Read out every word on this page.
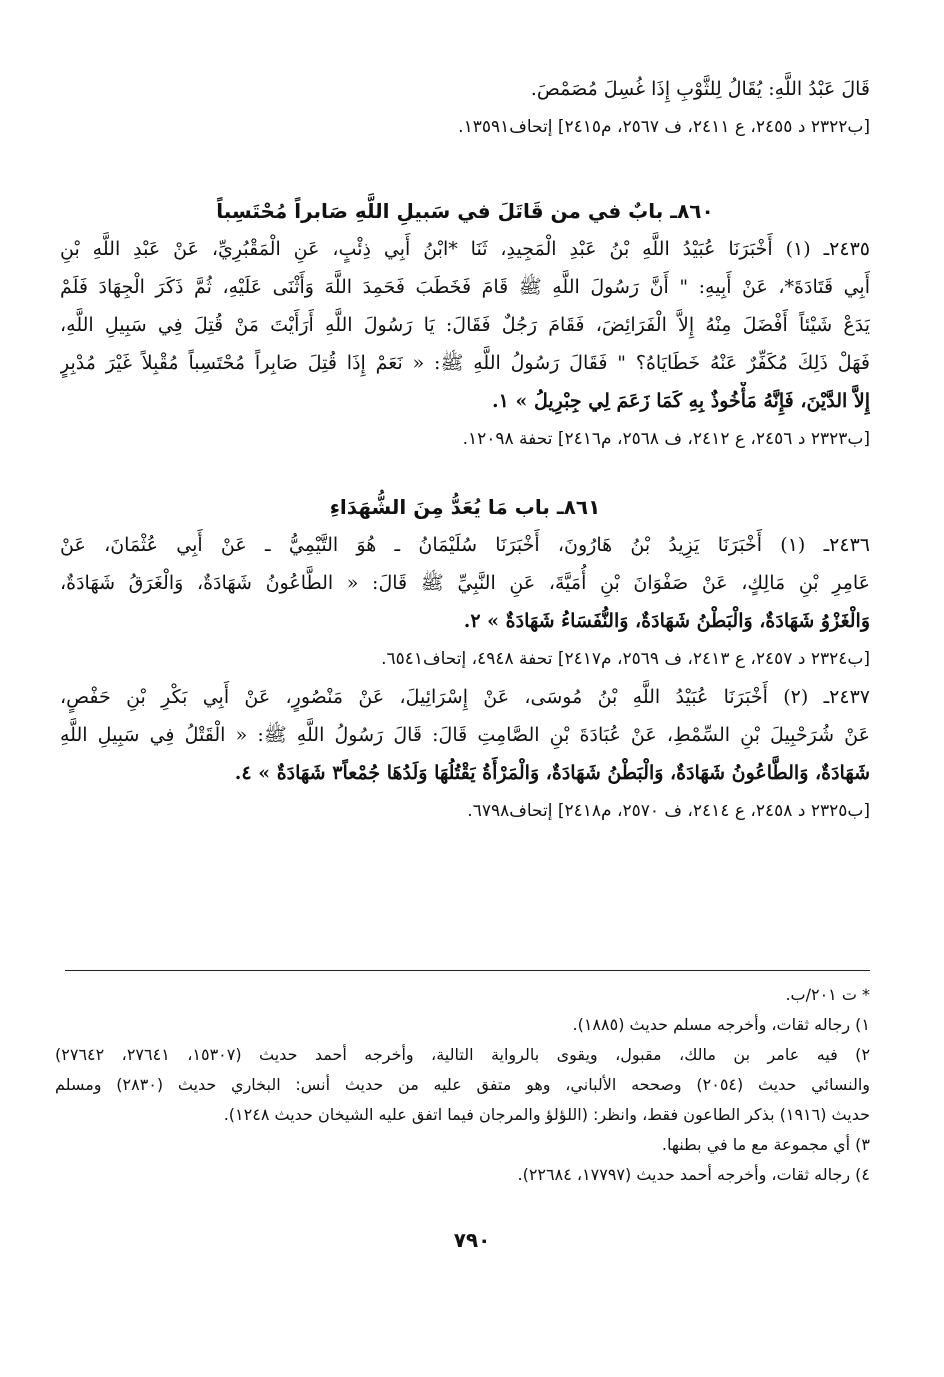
قَالَ عَبْدُ اللَّهِ: يُقَالُ لِلثَّوْبِ إِذَا غُسِلَ مُصَمْصَ.
[ب٢٣٢٢ د ٢٤٥٥، ع ٢٤١١، ف ٢٥٦٧، م٢٤١٥] إتحاف١٣٥٩١.
٨٦٠ـ بابٌ في من قَاتَلَ في سَبيلِ اللَّهِ صَابراً مُحْتَسِباً
٢٤٣٥ـ (١) أَخْبَرَنَا عُبَيْدُ اللَّهِ بْنُ عَبْدِ الْمَجِيدِ، ثَنَا *ابْنُ أَبِي ذِئْبٍ، عَنِ الْمَقْبُرِيِّ، عَنْ عَبْدِ اللَّهِ بْنِ
أَبِي قَتَادَةَ*، عَنْ أَبِيهِ: " أَنَّ رَسُولَ اللَّهِ ﷺ قَامَ فَخَطَبَ فَحَمِدَ اللَّهَ وَأَثْنَى عَلَيْهِ، ثُمَّ ذَكَرَ الْجِهَادَ فَلَمْ
يَدَعْ شَيْئاً أَفْضَلَ مِنْهُ إِلاَّ الْفَرَائِضَ، فَقَامَ رَجُلٌ فَقَالَ: يَا رَسُولَ اللَّهِ أَرَأَيْتَ مَنْ قُتِلَ فِي سَبِيلِ اللَّهِ،
فَهَلْ ذَلِكَ مُكَفِّرٌ عَنْهُ خَطَايَاهُ؟ " فَقَالَ رَسُولُ اللَّهِ ﷺ: « نَعَمْ إِذَا قُتِلَ صَابِراً مُحْتَسِباً مُقْبِلاً غَيْرَ مُدْبِرٍ
إِلاَّ الدَّيْنَ، فَإِنَّهُ مَأْخُوذٌ بِهِ كَمَا زَعَمَ لِي جِبْرِيلُ » ١.
[ب٢٣٢٣ د ٢٤٥٦، ع ٢٤١٢، ف ٢٥٦٨، م٢٤١٦] تحفة ١٢٠٩٨.
٨٦١ـ باب مَا يُعَدُّ مِنَ الشُّهَدَاءِ
٢٤٣٦ـ (١) أَخْبَرَنَا يَزِيدُ بْنُ هَارُونَ، أَخْبَرَنَا سُلَيْمَانُ ـ هُوَ التَّيْمِيُّ ـ عَنْ أَبِي عُثْمَانَ، عَنْ
عَامِرِ بْنِ مَالِكٍ، عَنْ صَفْوَانَ بْنِ أُمَيَّةَ، عَنِ النَّبِيِّ ﷺ قَالَ: « الطَّاعُونُ شَهَادَةٌ، وَالْغَرَقُ شَهَادَةٌ،
وَالْغَزْوُ شَهَادَةٌ، وَالْبَطْنُ شَهَادَةٌ، وَالنُّفَسَاءُ شَهَادَةٌ » ٢.
[ب٢٣٢٤ د ٢٤٥٧، ع ٢٤١٣، ف ٢٥٦٩، م٢٤١٧] تحفة ٤٩٤٨، إتحاف٦٥٤١.
٢٤٣٧ـ (٢) أَخْبَرَنَا عُبَيْدُ اللَّهِ بْنُ مُوسَى، عَنْ إِسْرَائِيلَ، عَنْ مَنْصُورٍ، عَنْ أَبِي بَكْرِ بْنِ حَفْصٍ،
عَنْ شُرَحْبِيلَ بْنِ السِّمْطِ، عَنْ عُبَادَةَ بْنِ الصَّامِتِ قَالَ: قَالَ رَسُولُ اللَّهِ ﷺ: « الْقَتْلُ فِي سَبِيلِ اللَّهِ
شَهَادَةٌ، وَالطَّاعُونُ شَهَادَةٌ، وَالْبَطْنُ شَهَادَةٌ، وَالْمَرْأَةُ يَقْتُلُهَا وَلَدُهَا جُمْعاً٣ شَهَادَةٌ » ٤.
[ب٢٣٢٥ د ٢٤٥٨، ع ٢٤١٤، ف ٢٥٧٠، م٢٤١٨] إتحاف٦٧٩٨.
* ت ٢٠١/ب.
١) رجاله ثقات، وأخرجه مسلم حديث (١٨٨٥).
٢) فيه عامر بن مالك، مقبول، ويقوى بالرواية التالية، وأخرجه أحمد حديث (١٥٣٠٧، ٢٧٦٤١، ٢٧٦٤٢)
والنسائي حديث (٢٠٥٤) وصححه الألباني، وهو متفق عليه من حديث أنس: البخاري حديث (٢٨٣٠) ومسلم
حديث (١٩١٦) بذكر الطاعون فقط، وانظر: (اللؤلؤ والمرجان فيما اتفق عليه الشيخان حديث ١٢٤٨).
٣) أي مجموعة مع ما في بطنها.
٤) رجاله ثقات، وأخرجه أحمد حديث (١٧٧٩٧، ٢٢٦٨٤).
٧٩٠
